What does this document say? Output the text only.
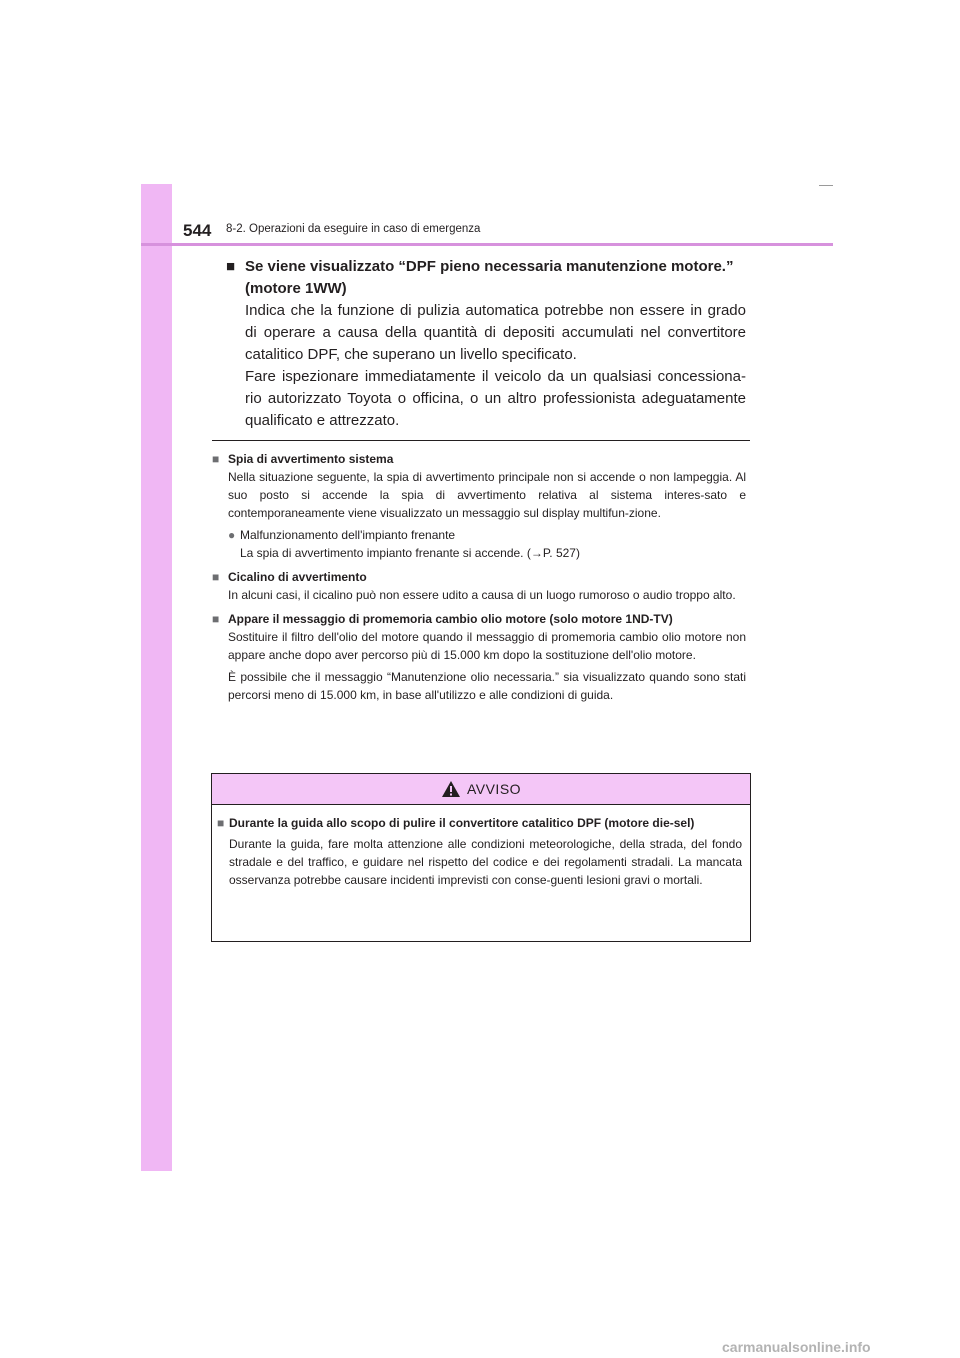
544 8-2. Operazioni da eseguire in caso di emergenza
■ Se viene visualizzato “DPF pieno necessaria manutenzione motore.” (motore 1WW)

Indica che la funzione di pulizia automatica potrebbe non essere in grado di operare a causa della quantità di depositi accumulati nel convertitore catalitico DPF, che superano un livello specificato.

Fare ispezionare immediatamente il veicolo da un qualsiasi concessiona-rio autorizzato Toyota o officina, o un altro professionista adeguatamente qualificato e attrezzato.

■ Spia di avvertimento sistema

Nella situazione seguente, la spia di avvertimento principale non si accende o non lampeggia. Al suo posto si accende la spia di avvertimento relativa al sistema interes-sato e contemporaneamente viene visualizzato un messaggio sul display multifun-zione.

● Malfunzionamento dell'impianto frenante
La spia di avvertimento impianto frenante si accende. (→P. 527)
■ Cicalino di avvertimento

In alcuni casi, il cicalino può non essere udito a causa di un luogo rumoroso o audio troppo alto.

■ Appare il messaggio di promemoria cambio olio motore (solo motore 1ND-TV)

Sostituire il filtro dell'olio del motore quando il messaggio di promemoria cambio olio motore non appare anche dopo aver percorso più di 15.000 km dopo la sostituzione dell'olio motore.

È possibile che il messaggio “Manutenzione olio necessaria.” sia visualizzato quando sono stati percorsi meno di 15.000 km, in base all'utilizzo e alle condizioni di guida.

AVVISO
■ Durante la guida allo scopo di pulire il convertitore catalitico DPF (motore die-sel)

Durante la guida, fare molta attenzione alle condizioni meteorologiche, della strada, del fondo stradale e del traffico, e guidare nel rispetto del codice e dei regolamenti stradali. La mancata osservanza potrebbe causare incidenti imprevisti con conse-guenti lesioni gravi o mortali.

carmanualsonline.info
